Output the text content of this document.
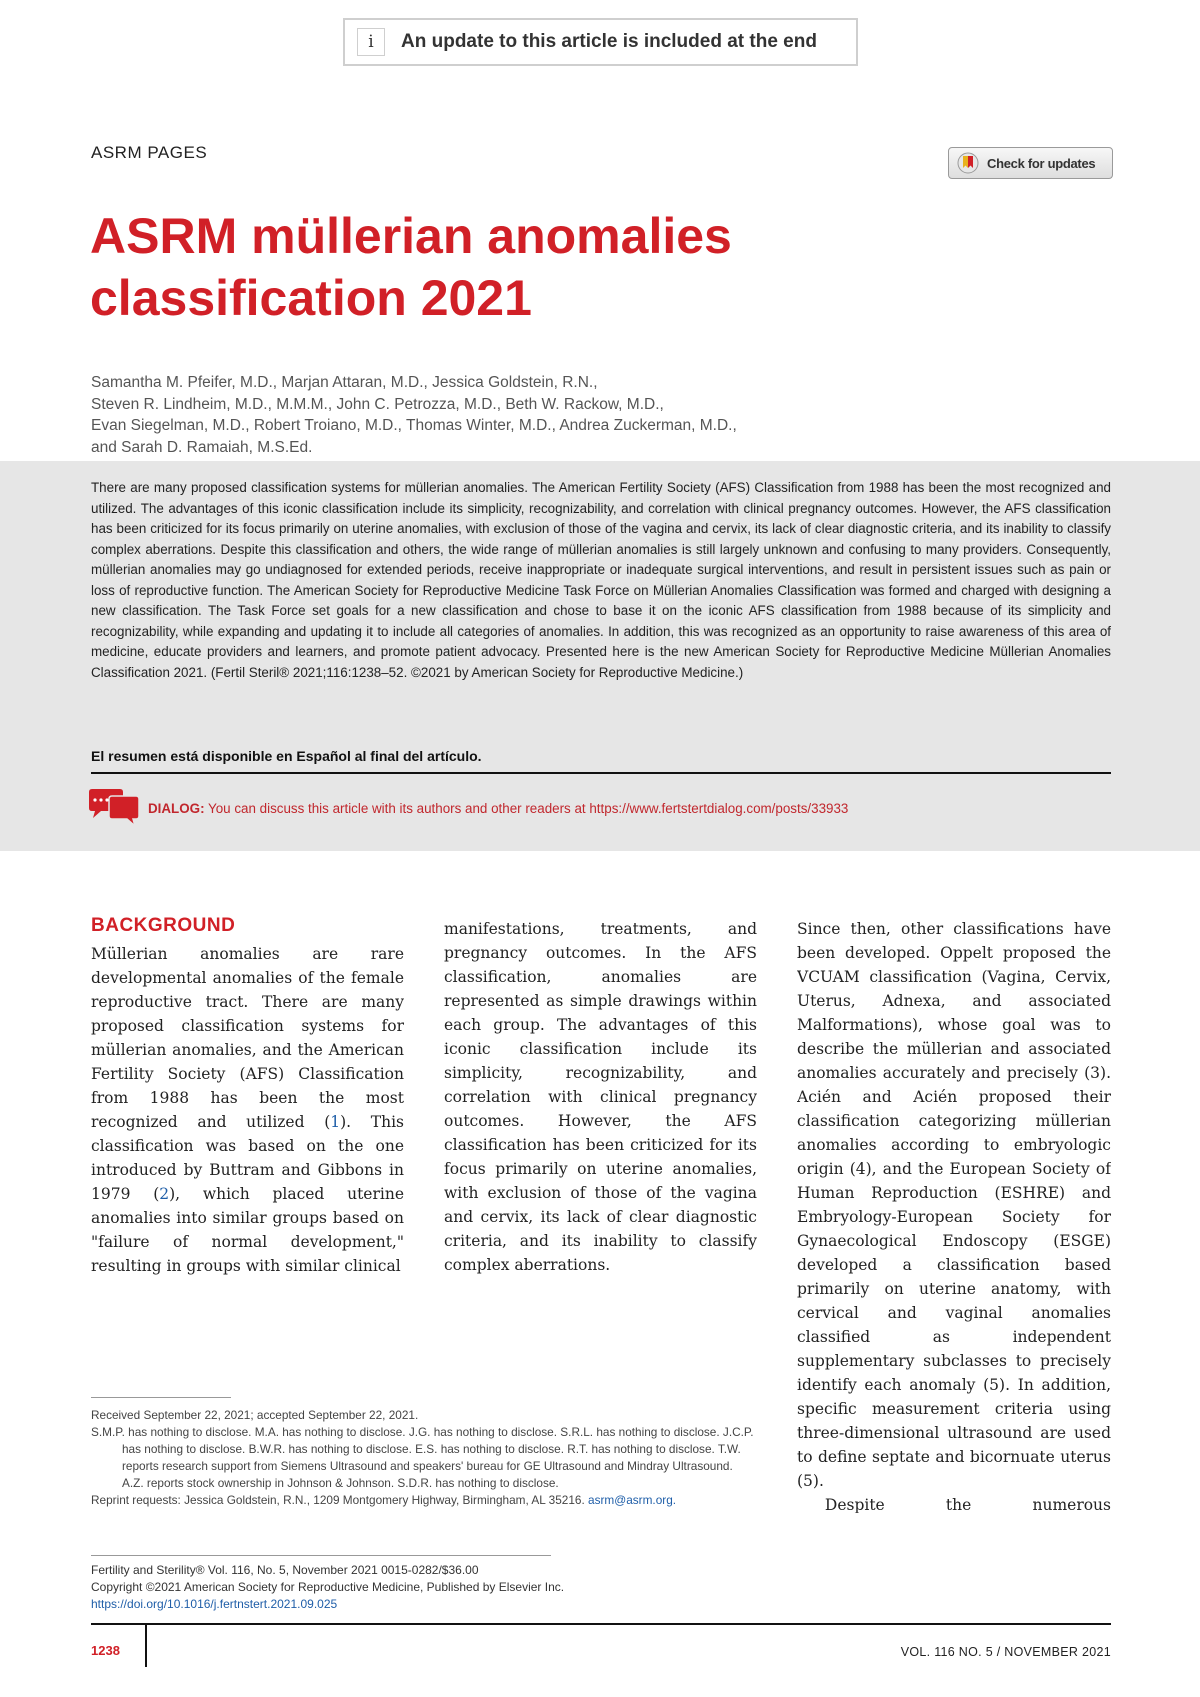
i	An update to this article is included at the end
ASRM PAGES
Check for updates
ASRM müllerian anomalies classification 2021

Samantha M. Pfeifer, M.D., Marjan Attaran, M.D., Jessica Goldstein, R.N.,
Steven R. Lindheim, M.D., M.M.M., John C. Petrozza, M.D., Beth W. Rackow, M.D.,
Evan Siegelman, M.D., Robert Troiano, M.D., Thomas Winter, M.D., Andrea Zuckerman, M.D.,
and Sarah D. Ramaiah, M.S.Ed.

There are many proposed classification systems for müllerian anomalies. The American Fertility Society (AFS) Classification from 1988 has been the most recognized and utilized. The advantages of this iconic classification include its simplicity, recognizability, and correlation with clinical pregnancy outcomes. However, the AFS classification has been criticized for its focus primarily on uterine anomalies, with exclusion of those of the vagina and cervix, its lack of clear diagnostic criteria, and its inability to classify complex aberrations. Despite this classification and others, the wide range of müllerian anomalies is still largely unknown and confusing to many providers. Consequently, müllerian anomalies may go undiagnosed for extended periods, receive inappropriate or inadequate surgical interventions, and result in persistent issues such as pain or loss of reproductive function. The American Society for Reproductive Medicine Task Force on Müllerian Anomalies Classification was formed and charged with designing a new classification. The Task Force set goals for a new classification and chose to base it on the iconic AFS classification from 1988 because of its simplicity and recognizability, while expanding and updating it to include all categories of anomalies. In addition, this was recognized as an opportunity to raise awareness of this area of medicine, educate providers and learners, and promote patient advocacy. Presented here is the new American Society for Reproductive Medicine Müllerian Anomalies Classification 2021. (Fertil Steril® 2021;116:1238–52. ©2021 by American Society for Reproductive Medicine.)

El resumen está disponible en Español al final del artículo.
DIALOG: You can discuss this article with its authors and other readers at https://www.fertstertdialog.com/posts/33933
BACKGROUND

Müllerian anomalies are rare developmental anomalies of the female reproductive tract. There are many proposed classification systems for müllerian anomalies, and the American Fertility Society (AFS) Classification from 1988 has been the most recognized and utilized (1). This classification was based on the one introduced by Buttram and Gibbons in 1979 (2), which placed uterine anomalies into similar groups based on "failure of normal development," resulting in groups with similar clinical

manifestations, treatments, and pregnancy outcomes. In the AFS classification, anomalies are represented as simple drawings within each group. The advantages of this iconic classification include its simplicity, recognizability, and correlation with clinical pregnancy outcomes. However, the AFS classification has been criticized for its focus primarily on uterine anomalies, with exclusion of those of the vagina and cervix, its lack of clear diagnostic criteria, and its inability to classify complex aberrations.

Since then, other classifications have been developed. Oppelt proposed the VCUAM classification (Vagina, Cervix, Uterus, Adnexa, and associated Malformations), whose goal was to describe the müllerian and associated anomalies accurately and precisely (3). Acién and Acién proposed their classification categorizing müllerian anomalies according to embryologic origin (4), and the European Society of Human Reproduction (ESHRE) and Embryology-European Society for Gynaecological Endoscopy (ESGE) developed a classification based primarily on uterine anatomy, with cervical and vaginal anomalies classified as independent supplementary subclasses to precisely identify each anomaly (5). In addition, specific measurement criteria using three-dimensional ultrasound are used to define septate and bicornuate uterus (5).

Despite the numerous

Received September 22, 2021; accepted September 22, 2021.

S.M.P. has nothing to disclose. M.A. has nothing to disclose. J.G. has nothing to disclose. S.R.L. has nothing to disclose. J.C.P. has nothing to disclose. B.W.R. has nothing to disclose. E.S. has nothing to disclose. R.T. has nothing to disclose. T.W. reports research support from Siemens Ultrasound and speakers' bureau for GE Ultrasound and Mindray Ultrasound. A.Z. reports stock ownership in Johnson & Johnson. S.D.R. has nothing to disclose.

Reprint requests: Jessica Goldstein, R.N., 1209 Montgomery Highway, Birmingham, AL 35216. asrm@asrm.org.

Fertility and Sterility® Vol. 116, No. 5, November 2021 0015-0282/$36.00
Copyright ©2021 American Society for Reproductive Medicine, Published by Elsevier Inc.
https://doi.org/10.1016/j.fertnstert.2021.09.025
1238	VOL. 116 NO. 5 / NOVEMBER 2021
